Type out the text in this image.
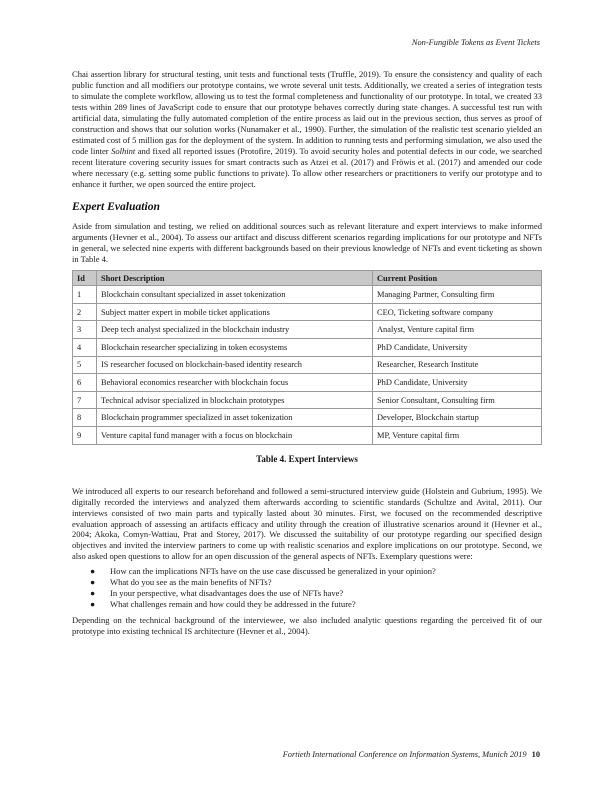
Non-Fungible Tokens as Event Tickets

Chai assertion library for structural testing, unit tests and functional tests (Truffle, 2019). To ensure the consistency and quality of each public function and all modifiers our prototype contains, we wrote several unit tests. Additionally, we created a series of integration tests to simulate the complete workflow, allowing us to test the formal completeness and functionality of our prototype. In total, we created 33 tests within 289 lines of JavaScript code to ensure that our prototype behaves correctly during state changes. A successful test run with artificial data, simulating the fully automated completion of the entire process as laid out in the previous section, thus serves as proof of construction and shows that our solution works (Nunamaker et al., 1990). Further, the simulation of the realistic test scenario yielded an estimated cost of 5 million gas for the deployment of the system. In addition to running tests and performing simulation, we also used the code linter Solhint and fixed all reported issues (Protofire, 2019). To avoid security holes and potential defects in our code, we searched recent literature covering security issues for smart contracts such as Atzei et al. (2017) and Fröwis et al. (2017) and amended our code where necessary (e.g. setting some public functions to private). To allow other researchers or practitioners to verify our prototype and to enhance it further, we open sourced the entire project.

Expert Evaluation

Aside from simulation and testing, we relied on additional sources such as relevant literature and expert interviews to make informed arguments (Hevner et al., 2004). To assess our artifact and discuss different scenarios regarding implications for our prototype and NFTs in general, we selected nine experts with different backgrounds based on their previous knowledge of NFTs and event ticketing as shown in Table 4.

Id	Short Description	Current Position
1	Blockchain consultant specialized in asset tokenization	Managing Partner, Consulting firm
2	Subject matter expert in mobile ticket applications	CEO, Ticketing software company
3	Deep tech analyst specialized in the blockchain industry	Analyst, Venture capital firm
4	Blockchain researcher specializing in token ecosystems	PhD Candidate, University
5	IS researcher focused on blockchain-based identity research	Researcher, Research Institute
6	Behavioral economics researcher with blockchain focus	PhD Candidate, University
7	Technical advisor specialized in blockchain prototypes	Senior Consultant, Consulting firm
8	Blockchain programmer specialized in asset tokenization	Developer, Blockchain startup
9	Venture capital fund manager with a focus on blockchain	MP, Venture capital firm
Table 4. Expert Interviews

We introduced all experts to our research beforehand and followed a semi-structured interview guide (Holstein and Gubrium, 1995). We digitally recorded the interviews and analyzed them afterwards according to scientific standards (Schultze and Avital, 2011). Our interviews consisted of two main parts and typically lasted about 30 minutes. First, we focused on the recommended descriptive evaluation approach of assessing an artifacts efficacy and utility through the creation of illustrative scenarios around it (Hevner et al., 2004; Akoka, Comyn-Wattiau, Prat and Storey, 2017). We discussed the suitability of our prototype regarding our specified design objectives and invited the interview partners to come up with realistic scenarios and explore implications on our prototype. Second, we also asked open questions to allow for an open discussion of the general aspects of NFTs. Exemplary questions were:

● How can the implications NFTs have on the use case discussed be generalized in your opinion?
● What do you see as the main benefits of NFTs?
● In your perspective, what disadvantages does the use of NFTs have?
● What challenges remain and how could they be addressed in the future?

Depending on the technical background of the interviewee, we also included analytic questions regarding the perceived fit of our prototype into existing technical IS architecture (Hevner et al., 2004).

Fortieth International Conference on Information Systems, Munich 2019 10
